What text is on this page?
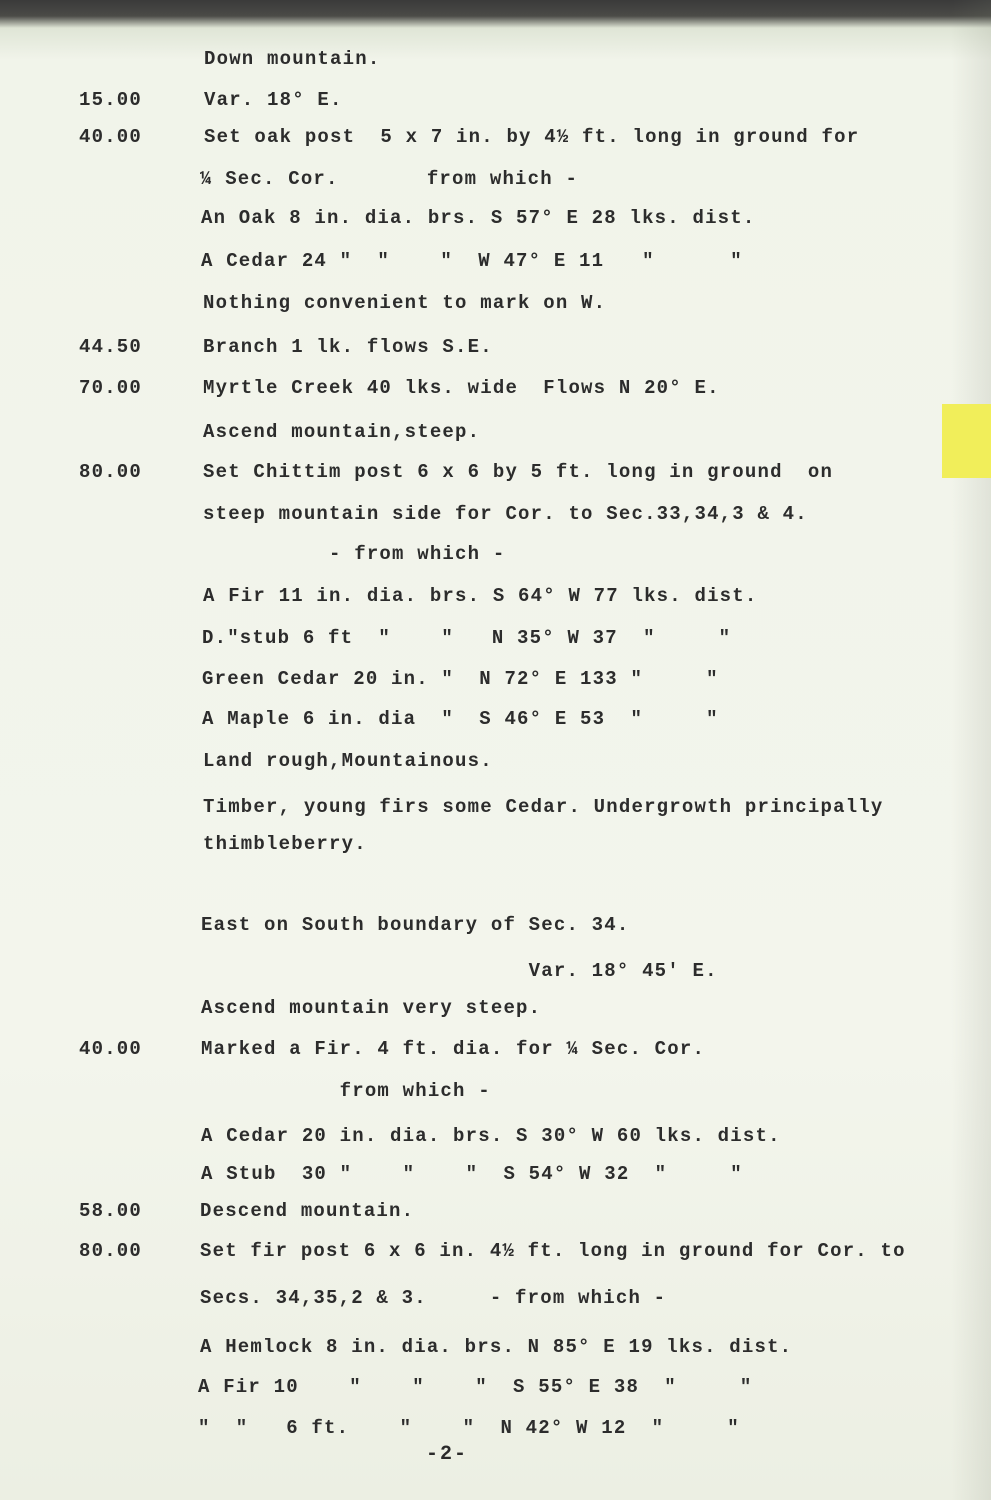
Down mountain.
15.00	Var. 18° E.
40.00	Set oak post  5 x 7 in. by 4½ ft. long in ground for
¼ Sec. Cor.       from which -
An Oak 8 in. dia. brs. S 57° E 28 lks. dist.
A Cedar 24 "  "    "  W 47° E 11   "      "
Nothing convenient to mark on W.
44.50	Branch 1 lk. flows S.E.
70.00	Myrtle Creek 40 lks. wide  Flows N 20° E.
Ascend mountain,steep.
80.00	Set Chittim post 6 x 6 by 5 ft. long in ground  on
steep mountain side for Cor. to Sec.33,34,3 & 4.
- from which -
A Fir 11 in. dia. brs. S 64° W 77 lks. dist.
D."stub 6 ft  "    "   N 35° W 37  "     "
Green Cedar 20 in. "  N 72° E 133 "     "
A Maple 6 in. dia  "  S 46° E 53  "     "
Land rough,Mountainous.
Timber, young firs some Cedar. Undergrowth principally
thimbleberry.
East on South boundary of Sec. 34.
Var. 18° 45' E.
Ascend mountain very steep.
40.00	Marked a Fir. 4 ft. dia. for ¼ Sec. Cor.
from which -
A Cedar 20 in. dia. brs. S 30° W 60 lks. dist.
A Stub  30 "    "    "  S 54° W 32  "     "
58.00	Descend mountain.
80.00	Set fir post 6 x 6 in. 4½ ft. long in ground for Cor. to
Secs. 34,35,2 & 3.     - from which -
A Hemlock 8 in. dia. brs. N 85° E 19 lks. dist.
A Fir 10    "    "    "  S 55° E 38  "     "
"  "   6 ft.    "    "  N 42° W 12  "     "
-2-
